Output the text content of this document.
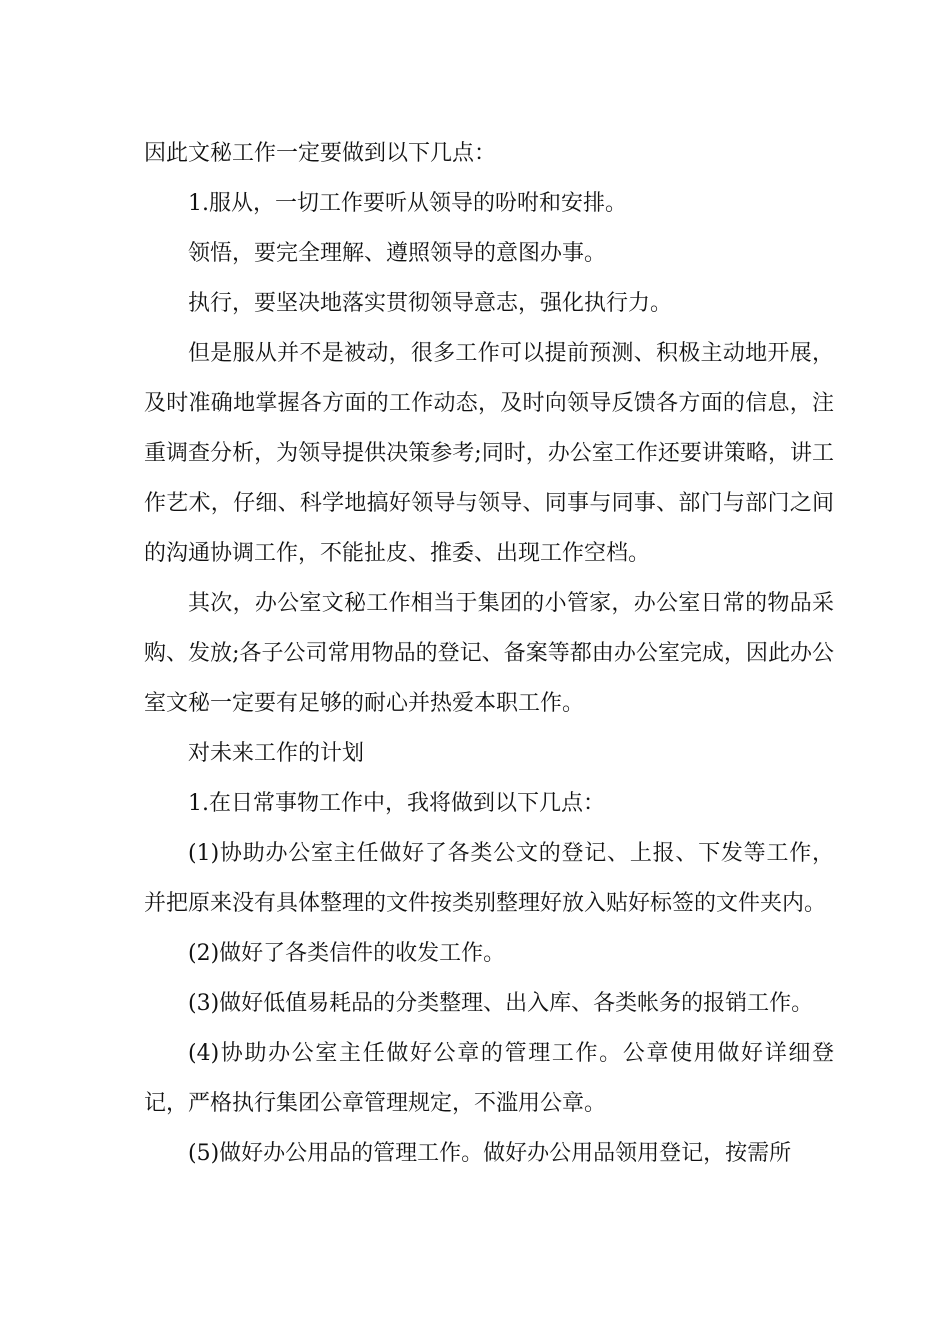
因此文秘工作一定要做到以下几点：

1.服从，一切工作要听从领导的吩咐和安排。

领悟，要完全理解、遵照领导的意图办事。

执行，要坚决地落实贯彻领导意志，强化执行力。

但是服从并不是被动，很多工作可以提前预测、积极主动地开展，及时准确地掌握各方面的工作动态，及时向领导反馈各方面的信息，注重调查分析，为领导提供决策参考;同时，办公室工作还要讲策略，讲工作艺术，仔细、科学地搞好领导与领导、同事与同事、部门与部门之间的沟通协调工作，不能扯皮、推委、出现工作空档。

其次，办公室文秘工作相当于集团的小管家，办公室日常的物品采购、发放;各子公司常用物品的登记、备案等都由办公室完成，因此办公室文秘一定要有足够的耐心并热爱本职工作。

对未来工作的计划

1.在日常事物工作中，我将做到以下几点：

(1)协助办公室主任做好了各类公文的登记、上报、下发等工作，并把原来没有具体整理的文件按类别整理好放入贴好标签的文件夹内。

(2)做好了各类信件的收发工作。

(3)做好低值易耗品的分类整理、出入库、各类帐务的报销工作。

(4)协助办公室主任做好公章的管理工作。公章使用做好详细登记，严格执行集团公章管理规定，不滥用公章。

(5)做好办公用品的管理工作。做好办公用品领用登记，按需所
